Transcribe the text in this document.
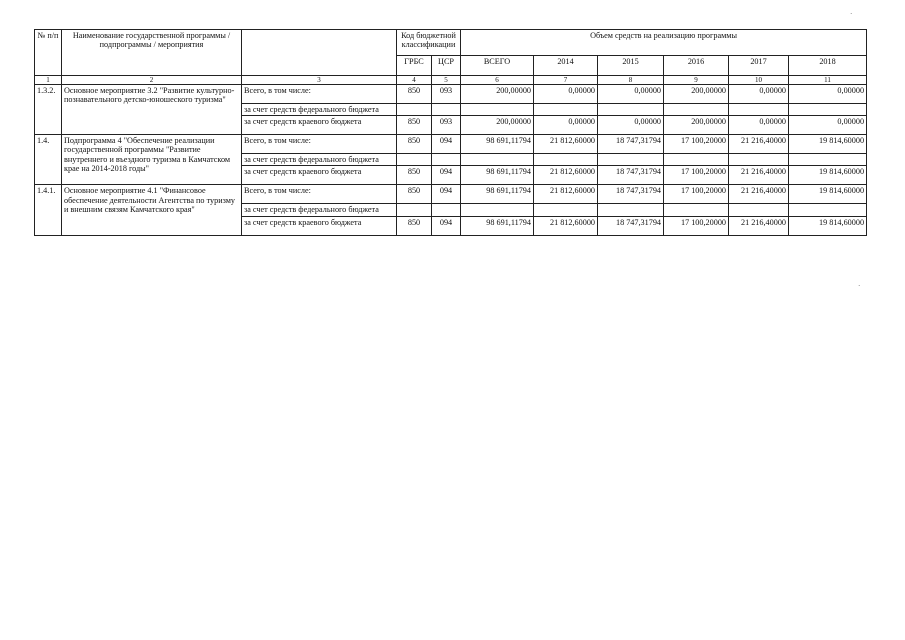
№ п/п	Наименование государственной программы / подпрограммы / мероприятия		Код бюджетной классификации		Объем средств на реализацию программы					
			ГРБС	ЦСР	ВСЕГО	2014	2015	2016	2017	2018
1	2	3	4	5	6	7	8	9	10	11
1.3.2.	Основное мероприятие 3.2 "Развитие культурно-познавательного детско-юношеского туризма"	Всего, в том числе:	850	093	200,00000	0,00000	0,00000	200,00000	0,00000	0,00000
		за счет средств федерального бюджета								
		за счет средств краевого бюджета	850	093	200,00000	0,00000	0,00000	200,00000	0,00000	0,00000
1.4.	Подпрограмма 4 "Обеспечение реализации государственной программы "Развитие внутреннего и въездного туризма в Камчатском крае на 2014-2018 годы"	Всего, в том числе:	850	094	98 691,11794	21 812,60000	18 747,31794	17 100,20000	21 216,40000	19 814,60000
		за счет средств федерального бюджета								
		за счет средств краевого бюджета	850	094	98 691,11794	21 812,60000	18 747,31794	17 100,20000	21 216,40000	19 814,60000
1.4.1.	Основное мероприятие 4.1 "Финансовое обеспечение деятельности Агентства по туризму и внешним связям Камчатского края"	Всего, в том числе:	850	094	98 691,11794	21 812,60000	18 747,31794	17 100,20000	21 216,40000	19 814,60000
		за счет средств федерального бюджета								
		за счет средств краевого бюджета	850	094	98 691,11794	21 812,60000	18 747,31794	17 100,20000	21 216,40000	19 814,60000
·
·
